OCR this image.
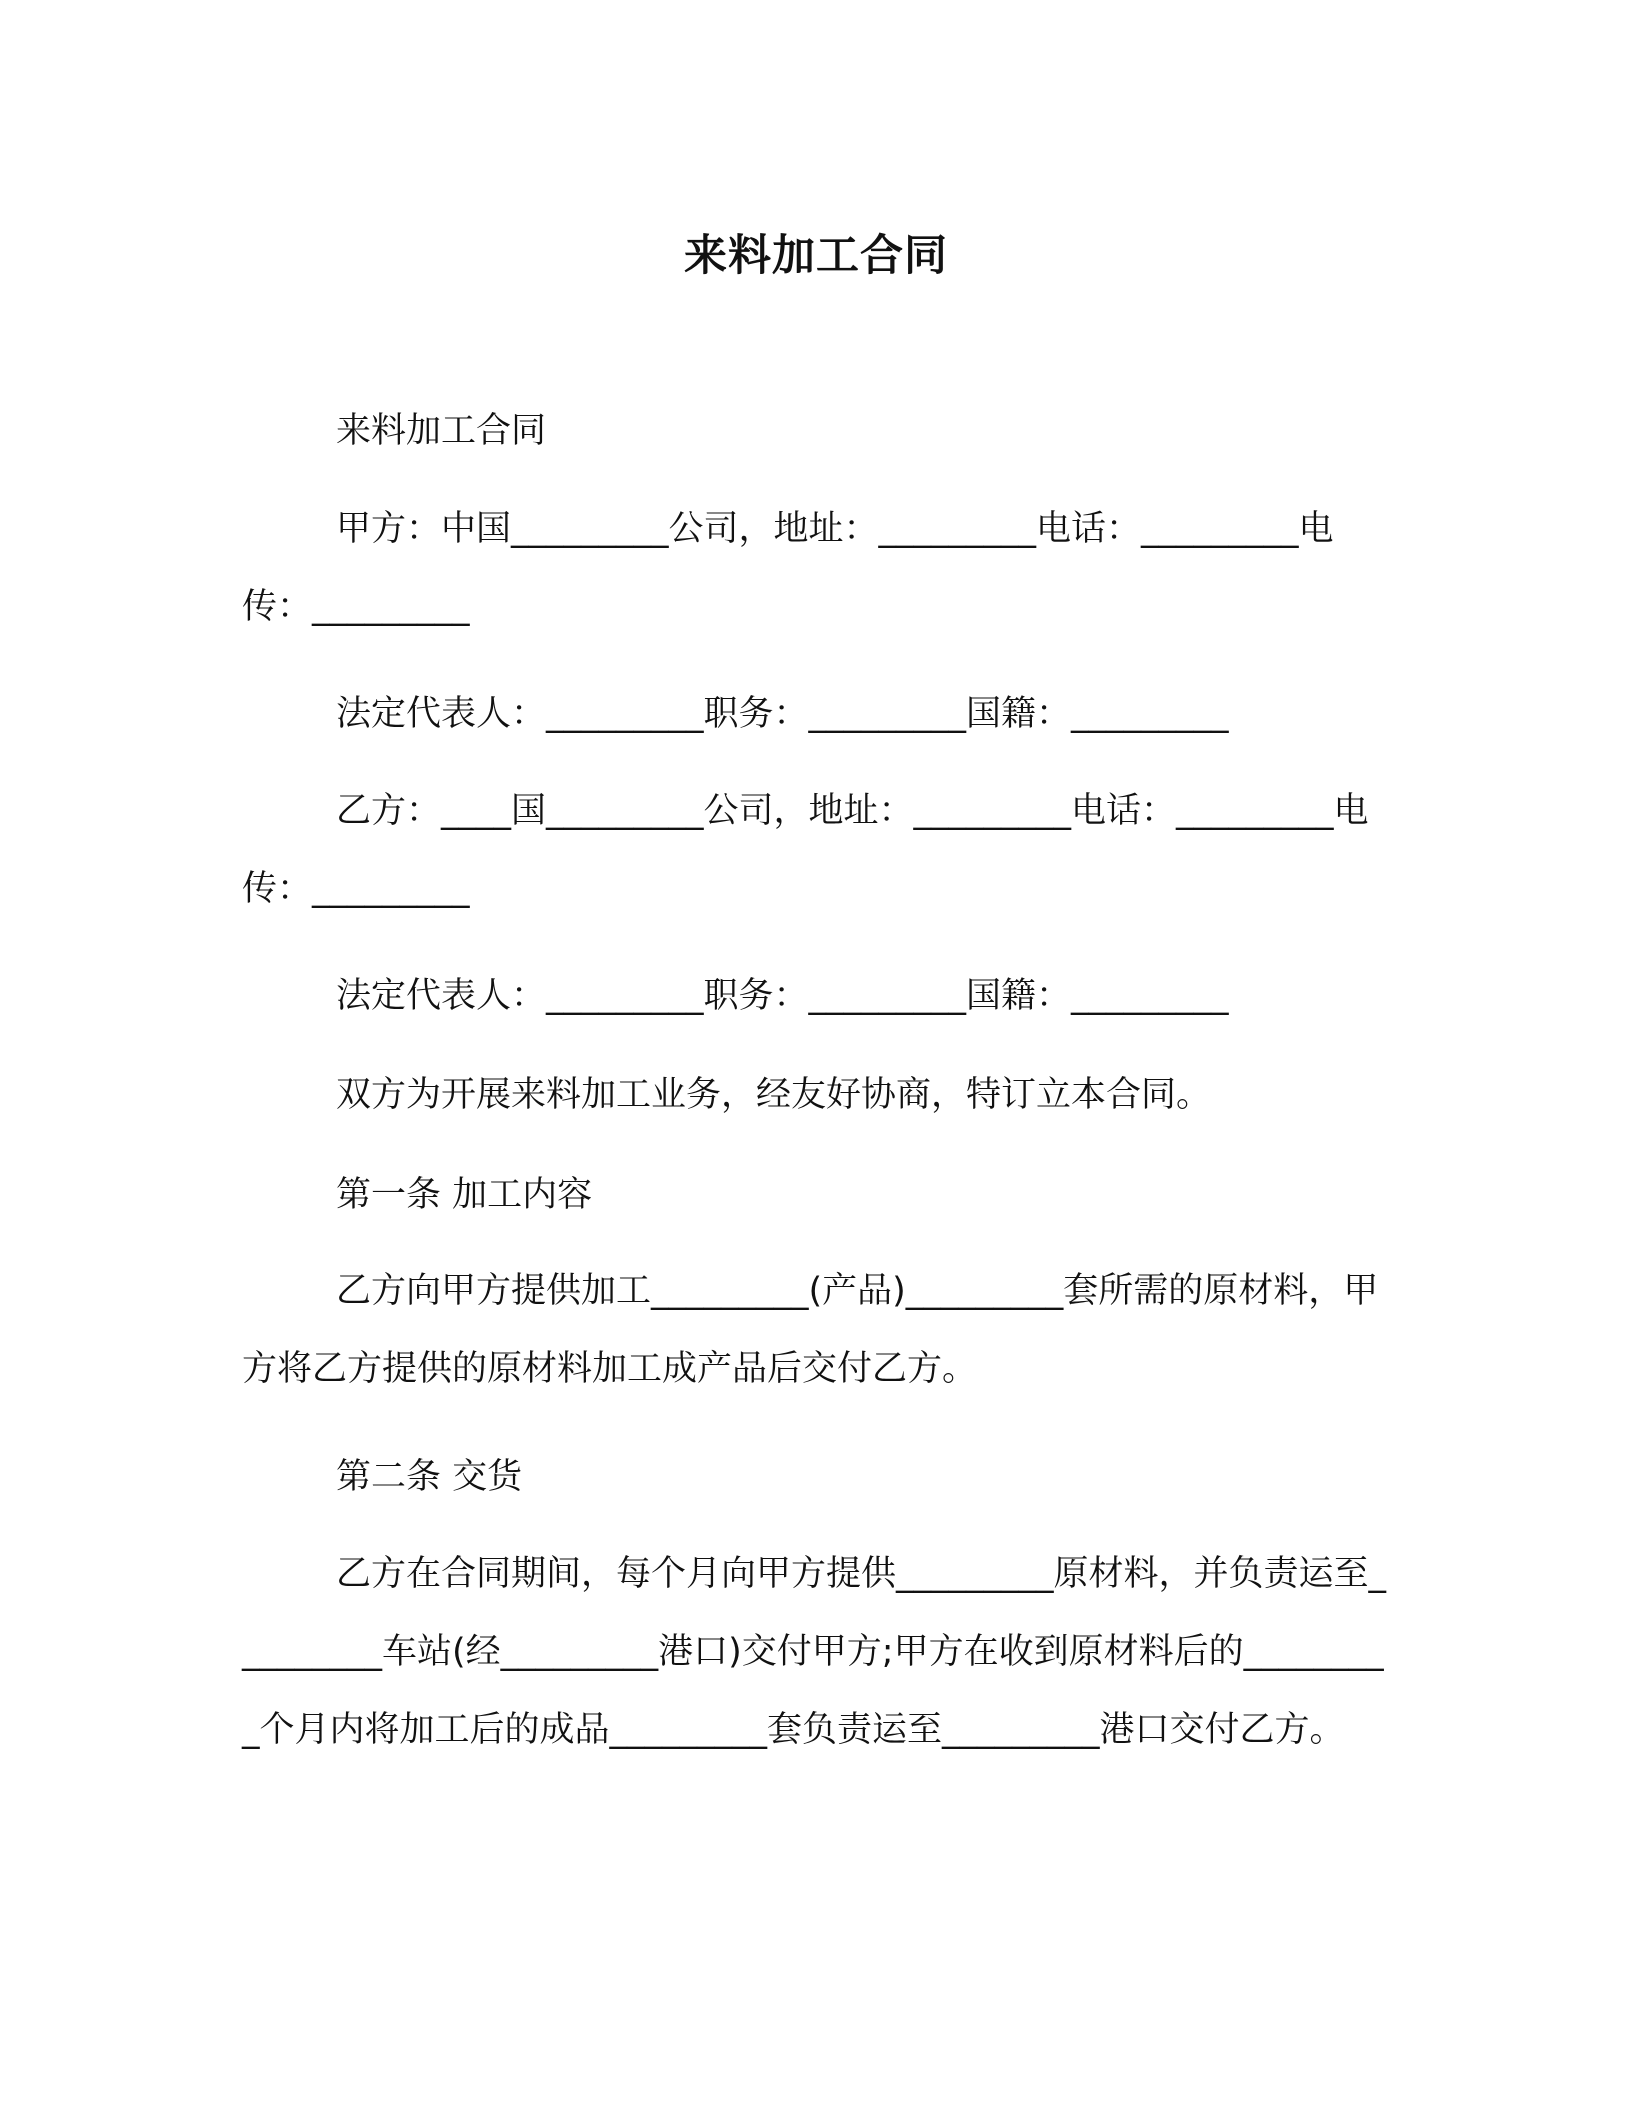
来料加工合同

来料加工合同

甲方：中国_________公司，地址：_________电话：_________电传：_________

法定代表人：_________职务：_________国籍：_________

乙方：____国_________公司，地址：_________电话：_________电传：_________

法定代表人：_________职务：_________国籍：_________

双方为开展来料加工业务，经友好协商，特订立本合同。

第一条 加工内容

乙方向甲方提供加工_________(产品)_________套所需的原材料，甲方将乙方提供的原材料加工成产品后交付乙方。

第二条 交货

乙方在合同期间，每个月向甲方提供_________原材料，并负责运至_________车站(经_________港口)交付甲方;甲方在收到原材料后的_________个月内将加工后的成品_________套负责运至_________港口交付乙方。
